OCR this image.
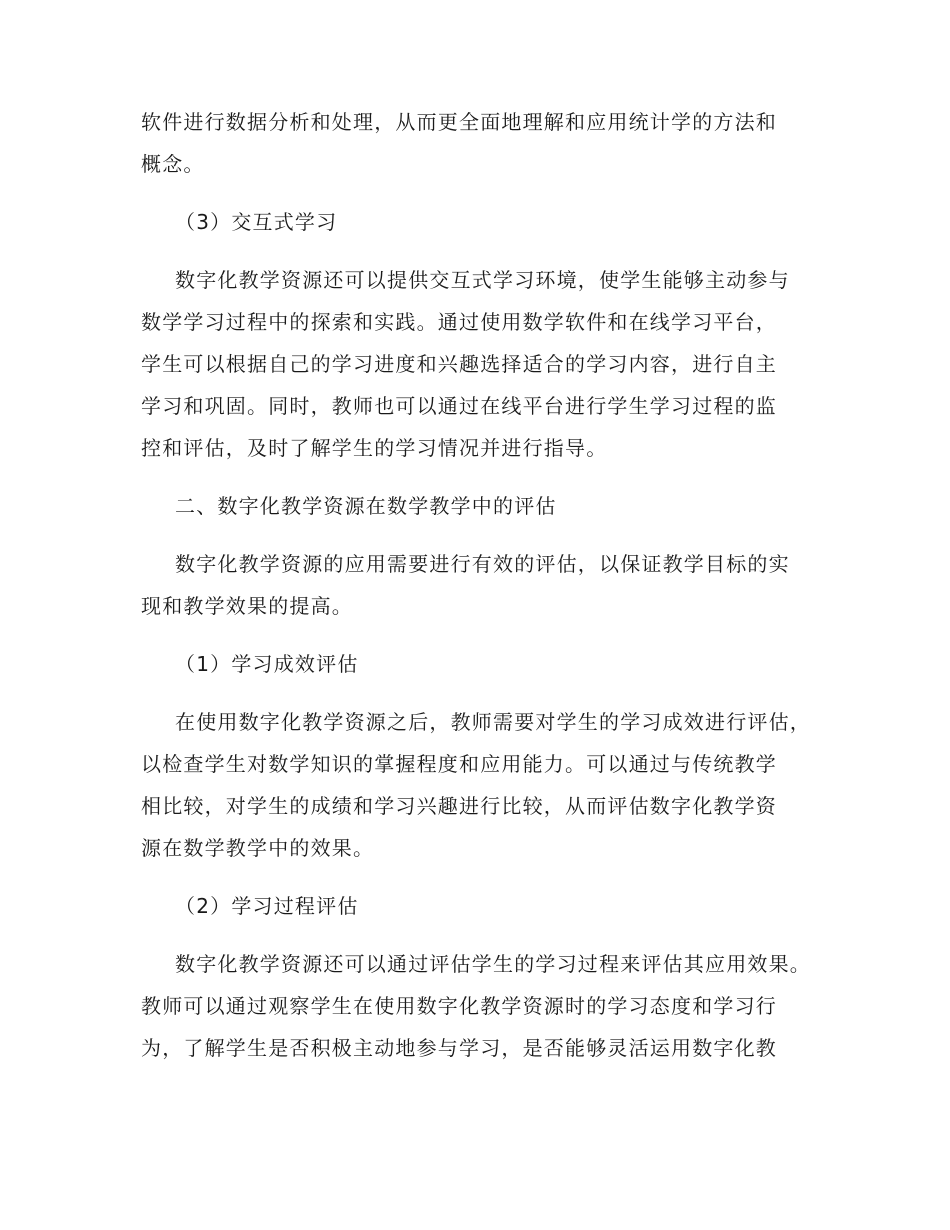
软件进行数据分析和处理，从而更全面地理解和应用统计学的方法和
概念。
（3）交互式学习
数字化教学资源还可以提供交互式学习环境，使学生能够主动参与
数学学习过程中的探索和实践。通过使用数学软件和在线学习平台，
学生可以根据自己的学习进度和兴趣选择适合的学习内容，进行自主
学习和巩固。同时，教师也可以通过在线平台进行学生学习过程的监
控和评估，及时了解学生的学习情况并进行指导。
二、数字化教学资源在数学教学中的评估
数字化教学资源的应用需要进行有效的评估，以保证教学目标的实
现和教学效果的提高。
（1）学习成效评估
在使用数字化教学资源之后，教师需要对学生的学习成效进行评估，
以检查学生对数学知识的掌握程度和应用能力。可以通过与传统教学
相比较，对学生的成绩和学习兴趣进行比较，从而评估数字化教学资
源在数学教学中的效果。
（2）学习过程评估
数字化教学资源还可以通过评估学生的学习过程来评估其应用效果。
教师可以通过观察学生在使用数字化教学资源时的学习态度和学习行
为，了解学生是否积极主动地参与学习，是否能够灵活运用数字化教
